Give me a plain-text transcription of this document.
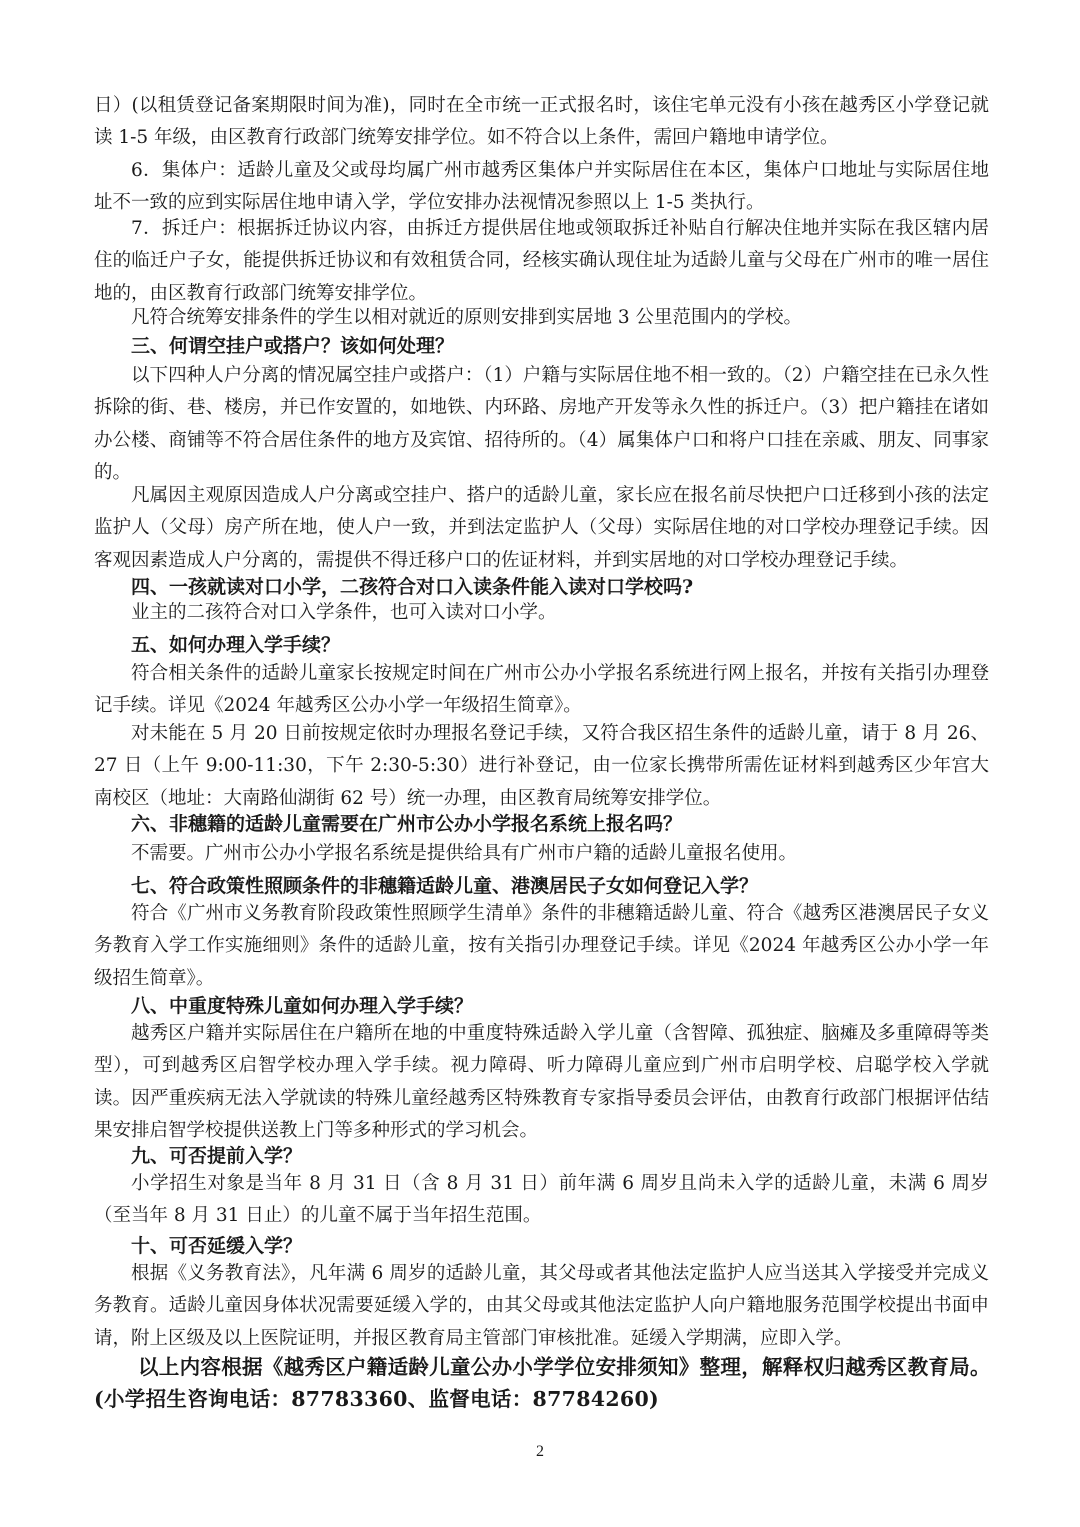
日）(以租赁登记备案期限时间为准)，同时在全市统一正式报名时，该住宅单元没有小孩在越秀区小学登记就读 1-5 年级，由区教育行政部门统筹安排学位。如不符合以上条件，需回户籍地申请学位。

6．集体户：适龄儿童及父或母均属广州市越秀区集体户并实际居住在本区，集体户口地址与实际居住地址不一致的应到实际居住地申请入学，学位安排办法视情况参照以上 1-5 类执行。

7．拆迁户：根据拆迁协议内容，由拆迁方提供居住地或领取拆迁补贴自行解决住地并实际在我区辖内居住的临迁户子女，能提供拆迁协议和有效租赁合同，经核实确认现住址为适龄儿童与父母在广州市的唯一居住地的，由区教育行政部门统筹安排学位。

凡符合统筹安排条件的学生以相对就近的原则安排到实居地 3 公里范围内的学校。

三、何谓空挂户或搭户？该如何处理？

以下四种人户分离的情况属空挂户或搭户：（1）户籍与实际居住地不相一致的。（2）户籍空挂在已永久性拆除的街、巷、楼房，并已作安置的，如地铁、内环路、房地产开发等永久性的拆迁户。（3）把户籍挂在诸如办公楼、商铺等不符合居住条件的地方及宾馆、招待所的。（4）属集体户口和将户口挂在亲戚、朋友、同事家的。

凡属因主观原因造成人户分离或空挂户、搭户的适龄儿童，家长应在报名前尽快把户口迁移到小孩的法定监护人（父母）房产所在地，使人户一致，并到法定监护人（父母）实际居住地的对口学校办理登记手续。因客观因素造成人户分离的，需提供不得迁移户口的佐证材料，并到实居地的对口学校办理登记手续。

四、一孩就读对口小学，二孩符合对口入读条件能入读对口学校吗?

业主的二孩符合对口入学条件，也可入读对口小学。

五、如何办理入学手续？

符合相关条件的适龄儿童家长按规定时间在广州市公办小学报名系统进行网上报名，并按有关指引办理登记手续。详见《2024 年越秀区公办小学一年级招生简章》。

对未能在 5 月 20 日前按规定依时办理报名登记手续，又符合我区招生条件的适龄儿童，请于 8 月 26、27 日（上午 9:00-11:30，下午 2:30-5:30）进行补登记，由一位家长携带所需佐证材料到越秀区少年宫大南校区（地址：大南路仙湖街 62 号）统一办理，由区教育局统筹安排学位。

六、非穗籍的适龄儿童需要在广州市公办小学报名系统上报名吗？

不需要。广州市公办小学报名系统是提供给具有广州市户籍的适龄儿童报名使用。

七、符合政策性照顾条件的非穗籍适龄儿童、港澳居民子女如何登记入学？

符合《广州市义务教育阶段政策性照顾学生清单》条件的非穗籍适龄儿童、符合《越秀区港澳居民子女义务教育入学工作实施细则》条件的适龄儿童，按有关指引办理登记手续。详见《2024 年越秀区公办小学一年级招生简章》。

八、中重度特殊儿童如何办理入学手续？

越秀区户籍并实际居住在户籍所在地的中重度特殊适龄入学儿童（含智障、孤独症、脑瘫及多重障碍等类型），可到越秀区启智学校办理入学手续。视力障碍、听力障碍儿童应到广州市启明学校、启聪学校入学就读。因严重疾病无法入学就读的特殊儿童经越秀区特殊教育专家指导委员会评估，由教育行政部门根据评估结果安排启智学校提供送教上门等多种形式的学习机会。

九、可否提前入学？

小学招生对象是当年 8 月 31 日（含 8 月 31 日）前年满 6 周岁且尚未入学的适龄儿童，未满 6 周岁（至当年 8 月 31 日止）的儿童不属于当年招生范围。

十、可否延缓入学？

根据《义务教育法》，凡年满 6 周岁的适龄儿童，其父母或者其他法定监护人应当送其入学接受并完成义务教育。适龄儿童因身体状况需要延缓入学的，由其父母或其他法定监护人向户籍地服务范围学校提出书面申请，附上区级及以上医院证明，并报区教育局主管部门审核批准。延缓入学期满，应即入学。

以上内容根据《越秀区户籍适龄儿童公办小学学位安排须知》整理，解释权归越秀区教育局。(小学招生咨询电话：87783360、监督电话：87784260)

2
